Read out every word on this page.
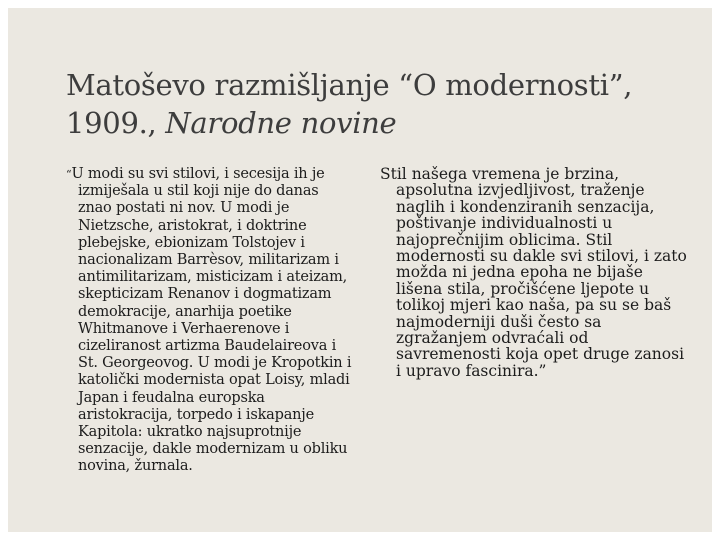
Matoševo razmišljanje “O modernosti”,
1909., Narodne novine

“U modi su svi stilovi, i secesija ih je izmiješala u stil koji nije do danas znao postati ni nov. U modi je Nietzsche, aristokrat, i doktrine plebejske, ebionizam Tolstojev i nacionalizam Barrèsov, militarizam i antimilitarizam, misticizam i ateizam, skepticizam Renanov i dogmatizam demokracije, anarhija poetike Whitmanove i Verhaerenove i cizeliranost artizma Baudelaireova i St. Georgeovog. U modi je Kropotkin i katolički modernista opat Loisy, mladi Japan i feudalna europska aristokracija, torpedo i iskapanje Kapitola: ukratko najsuprotnije senzacije, dakle modernizam u obliku novina, žurnala.

Stil našega vremena je brzina, apsolutna izvjedljivost, traženje naglih i kondenziranih senzacija, poštivanje individualnosti u najoprečnijim oblicima. Stil modernosti su dakle svi stilovi, i zato možda ni jedna epoha ne bijaše lišena stila, pročišćene ljepote u tolikoj mjeri kao naša, pa su se baš najmoderniji duši često sa zgražanjem odvraćali od savremenosti koja opet druge zanosi i upravo fascinira.”
